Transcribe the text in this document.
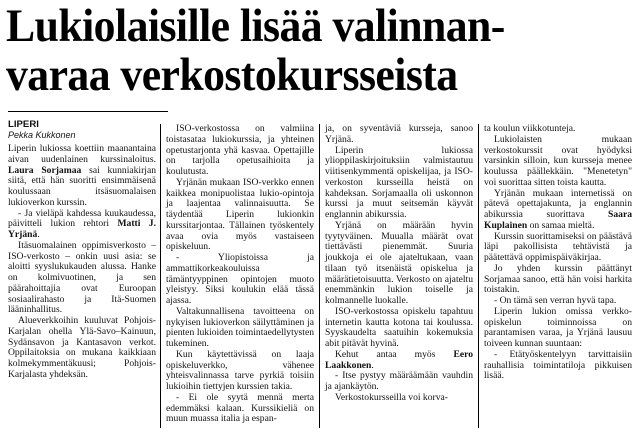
Lukiolaisille lisää valinnan-
varaa verkostokursseista
LIPERI
Pekka Kukkonen

Liperin lukiossa koettiin maanantaina aivan uudenlainen kurssinaloitus. Laura Sorjamaa sai kunniakirjan siitä, että hän suoritti ensimmäisenä koulussaan itsäsuomalaisen lukioverkon kurssin.

- Ja vieläpä kahdessa kuukaudessa, päivitteli lukion rehtori Matti J. Yrjänä.

Itäsuomalainen oppimisverkosto – ISO-verkosto – onkin uusi asia: se aloitti syyslukukauden alussa. Hanke on kolmivuotinen, ja sen päärahoittajia ovat Euroopan sosiaalirahasto ja Itä-Suomen lääninhallitus.

Alueverkkoihin kuuluvat Pohjois-Karjalan ohella Ylä-Savo–Kainuun, Sydänsavon ja Kantasavon verkot. Oppilaitoksia on mukana kaikkiaan kolmekymmentäkuusi; Pohjois-Karjalasta yhdeksän.

ISO-verkostossa on valmiina toistasataa lukiokurssia, ja yhteinen opetustarjonta yhä kasvaa. Opettajille on tarjolla opetusaihioita ja koulutusta.

Yrjänän mukaan ISO-verkko ennen kaikkea monipuolistaa lukio-opintoja ja laajentaa valinnaisuutta. Se täydentää Liperin lukionkin kurssitarjontaa. Tällainen työskentely avaa ovia myös vastaiseen opiskeluun.

- Yliopistoissa ja ammattikorkeakouluissa tämäntyyppinen opintojen muoto yleistyy. Siksi koulukin elää tässä ajassa.

Valtakunnallisena tavoitteena on nykyisen lukioverkon säilyttäminen ja pienten lukioiden toimintaedellytysten tukeminen.

Kun käytettävissä on laaja opiskeluverkko, vähenee yhteisvalinnassa tarve pyrkiä toisiin lukioihin tiettyjen kurssien takia.

- Ei ole syytä mennä merta edemmäksi kalaan. Kurssikieliä on muun muassa italia ja espan-

ja, on syventäviä kursseja, sanoo Yrjänä.

Liperin lukiossa ylioppilaskirjoituksiin valmistautuu viitisenkymmentä opiskelijaa, ja ISO-verkoston kursseilla heistä on kahdeksan. Sorjamaalla oli uskonnon kurssi ja muut seitsemän käyvät englannin abikurssia.

Yrjänä on määrään hyvin tyytyväinen. Muualla määrät ovat tiettävästi pienemmät. Suuria joukkoja ei ole ajateltukaan, vaan tilaan työ itsenäistä opiskelua ja määrätietoisuutta. Verkosto on ajateltu enemmänkin lukion toiselle ja kolmannelle luokalle.

ISO-verkostossa opiskelu tapahtuu internetin kautta kotona tai koulussa. Syyskaudelta saatuihin kokemuksia abit pitävät hyvinä.

Kehut antaa myös Eero Laakkonen.

- Itse pystyy määräämään vauhdin ja ajankäytön.

Verkostokursseilla voi korva-

ta koulun viikkotunteja.

Lukiolaisten mukaan verkostokurssit ovat hyödyksi varsinkin silloin, kun kursseja menee koulussa päällekkäin. "Menetetyn" voi suorittaa sitten toista kautta.

Yrjänän mukaan internetissä on pätevä opettajakunta, ja englannin abikurssia suorittava Saara Kuplainen on samaa mieltä.

Kurssin suorittamiseksi on päästävä läpi pakollisista tehtävistä ja päätettävä oppimispäiväkirjaa.

Jo yhden kurssin päättänyt Sorjamaa sanoo, että hän voisi harkita toistakin.

- On tämä sen verran hyvä tapa.

Liperin lukion omissa verkko-opiskelun toiminnoissa on parantamisen varaa, ja Yrjänä lausuu toiveen kunnan suuntaan:

- Etätyöskentelyyn tarvittaisiin rauhallisia toimintatiloja pikkuisen lisää.
